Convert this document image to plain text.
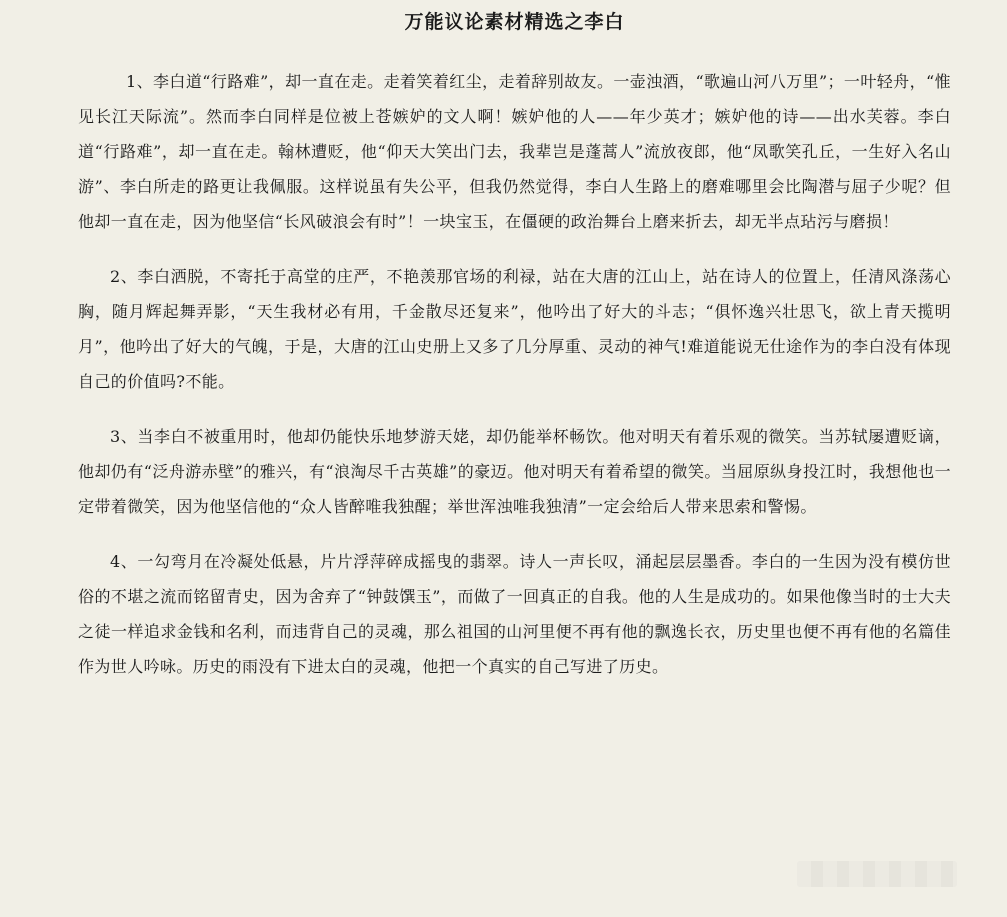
万能议论素材精选之李白

1、李白道“行路难”，却一直在走。走着笑着红尘，走着辞别故友。一壶浊酒，“歌遍山河八万里”；一叶轻舟，“惟见长江天际流”。然而李白同样是位被上苍嫉妒的文人啊！嫉妒他的人——年少英才；嫉妒他的诗——出水芙蓉。李白道“行路难”，却一直在走。翰林遭贬，他“仰天大笑出门去，我辈岂是蓬蒿人”流放夜郎，他“凤歌笑孔丘，一生好入名山游”、李白所走的路更让我佩服。这样说虽有失公平，但我仍然觉得，李白人生路上的磨难哪里会比陶潜与屈子少呢？但他却一直在走，因为他坚信“长风破浪会有时”！一块宝玉，在僵硬的政治舞台上磨来折去，却无半点玷污与磨损！

2、李白洒脱，不寄托于高堂的庄严，不艳羡那官场的利禄，站在大唐的江山上，站在诗人的位置上，任清风涤荡心胸，随月辉起舞弄影，“天生我材必有用，千金散尽还复来”，他吟出了好大的斗志；“俱怀逸兴壮思飞，欲上青天揽明月”，他吟出了好大的气魄，于是，大唐的江山史册上又多了几分厚重、灵动的神气!难道能说无仕途作为的李白没有体现自己的价值吗?不能。

3、当李白不被重用时，他却仍能快乐地梦游天姥，却仍能举杯畅饮。他对明天有着乐观的微笑。当苏轼屡遭贬谪，他却仍有“泛舟游赤壁”的雅兴，有“浪淘尽千古英雄”的豪迈。他对明天有着希望的微笑。当屈原纵身投江时，我想他也一定带着微笑，因为他坚信他的“众人皆醉唯我独醒；举世浑浊唯我独清”一定会给后人带来思索和警惕。

4、一勾弯月在冷凝处低悬，片片浮萍碎成摇曳的翡翠。诗人一声长叹，涌起层层墨香。李白的一生因为没有模仿世俗的不堪之流而铭留青史，因为舍弃了“钟鼓馔玉”，而做了一回真正的自我。他的人生是成功的。如果他像当时的士大夫之徒一样追求金钱和名利，而违背自己的灵魂，那么祖国的山河里便不再有他的飘逸长衣，历史里也便不再有他的名篇佳作为世人吟咏。历史的雨没有下进太白的灵魂，他把一个真实的自己写进了历史。
